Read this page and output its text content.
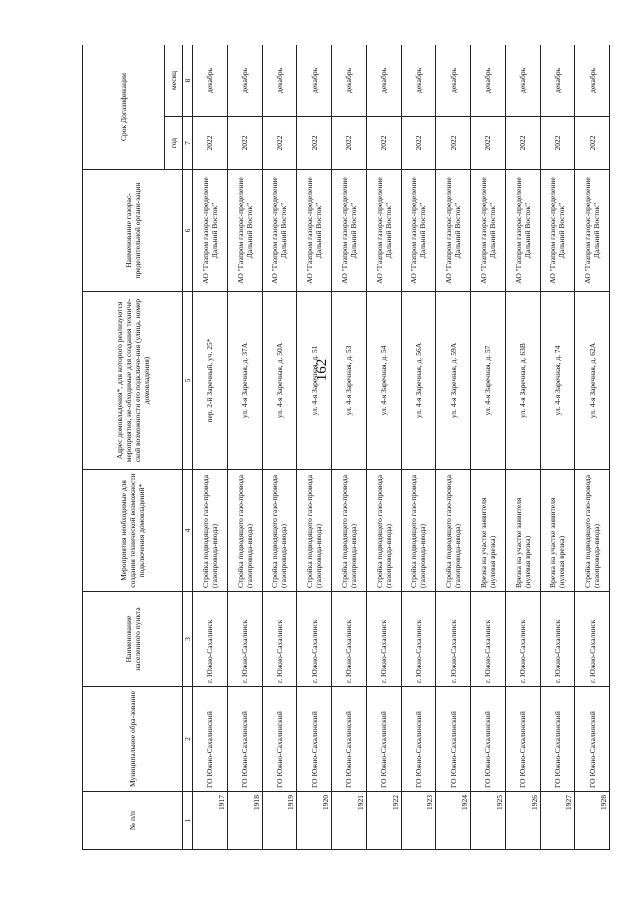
162
№ п/п	Муниципальное обра-зование	Наименование населенного пункта	Мероприятия необходимые для создания технической возможности подключения домовладений*	Адрес домовладения*, для которого реализуются мероприятия, не-обходимые для создания техниче-ской возможности его подключе-ния (улица, номер домовладения)	Наименование газорас-пределительной органи-зации	Срок Догазификации	
						год	месяц
1	2	3	4	5	6	7	8
1917	ГО Южно-Сахалинский	г. Южно-Сахалинск	Стройка подводящего газо-провода (газопровода-ввода)	пер. 2-й Заречный, уч. 25*	АО "Газпром газорас-пределение Дальний Восток"	2022	декабрь
1918	ГО Южно-Сахалинский	г. Южно-Сахалинск	Стройка подводящего газо-провода (газопровода-ввода)	ул. 4-я Заречная, д. 37А	АО "Газпром газорас-пределение Дальний Восток"	2022	декабрь
1919	ГО Южно-Сахалинский	г. Южно-Сахалинск	Стройка подводящего газо-провода (газопровода-ввода)	ул. 4-я Заречная, д. 50А	АО "Газпром газорас-пределение Дальний Восток"	2022	декабрь
1920	ГО Южно-Сахалинский	г. Южно-Сахалинск	Стройка подводящего газо-провода (газопровода-ввода)	ул. 4-я Заречная, д. 51	АО "Газпром газорас-пределение Дальний Восток"	2022	декабрь
1921	ГО Южно-Сахалинский	г. Южно-Сахалинск	Стройка подводящего газо-провода (газопровода-ввода)	ул. 4-я Заречная, д. 53	АО "Газпром газорас-пределение Дальний Восток"	2022	декабрь
1922	ГО Южно-Сахалинский	г. Южно-Сахалинск	Стройка подводящего газо-провода (газопровода-ввода)	ул. 4-я Заречная, д. 54	АО "Газпром газорас-пределение Дальний Восток"	2022	декабрь
1923	ГО Южно-Сахалинский	г. Южно-Сахалинск	Стройка подводящего газо-провода (газопровода-ввода)	ул. 4-я Заречная, д. 56А	АО "Газпром газорас-пределение Дальний Восток"	2022	декабрь
1924	ГО Южно-Сахалинский	г. Южно-Сахалинск	Стройка подводящего газо-провода (газопровода-ввода)	ул. 4-я Заречная, д. 59А	АО "Газпром газорас-пределение Дальний Восток"	2022	декабрь
1925	ГО Южно-Сахалинский	г. Южно-Сахалинск	Врезка на участке заявителя (нулевая врезка)	ул. 4-я Заречная, д. 57	АО "Газпром газорас-пределение Дальний Восток"	2022	декабрь
1926	ГО Южно-Сахалинский	г. Южно-Сахалинск	Врезка на участке заявителя (нулевая врезка)	ул. 4-я Заречная, д. 63В	АО "Газпром газорас-пределение Дальний Восток"	2022	декабрь
1927	ГО Южно-Сахалинский	г. Южно-Сахалинск	Врезка на участке заявителя (нулевая врезка)	ул. 4-я Заречная, д. 74	АО "Газпром газорас-пределение Дальний Восток"	2022	декабрь
1928	ГО Южно-Сахалинский	г. Южно-Сахалинск	Стройка подводящего газо-провода (газопровода-ввода)	ул. 4-я Заречная, д. 62А	АО "Газпром газорас-пределение Дальний Восток"	2022	декабрь
